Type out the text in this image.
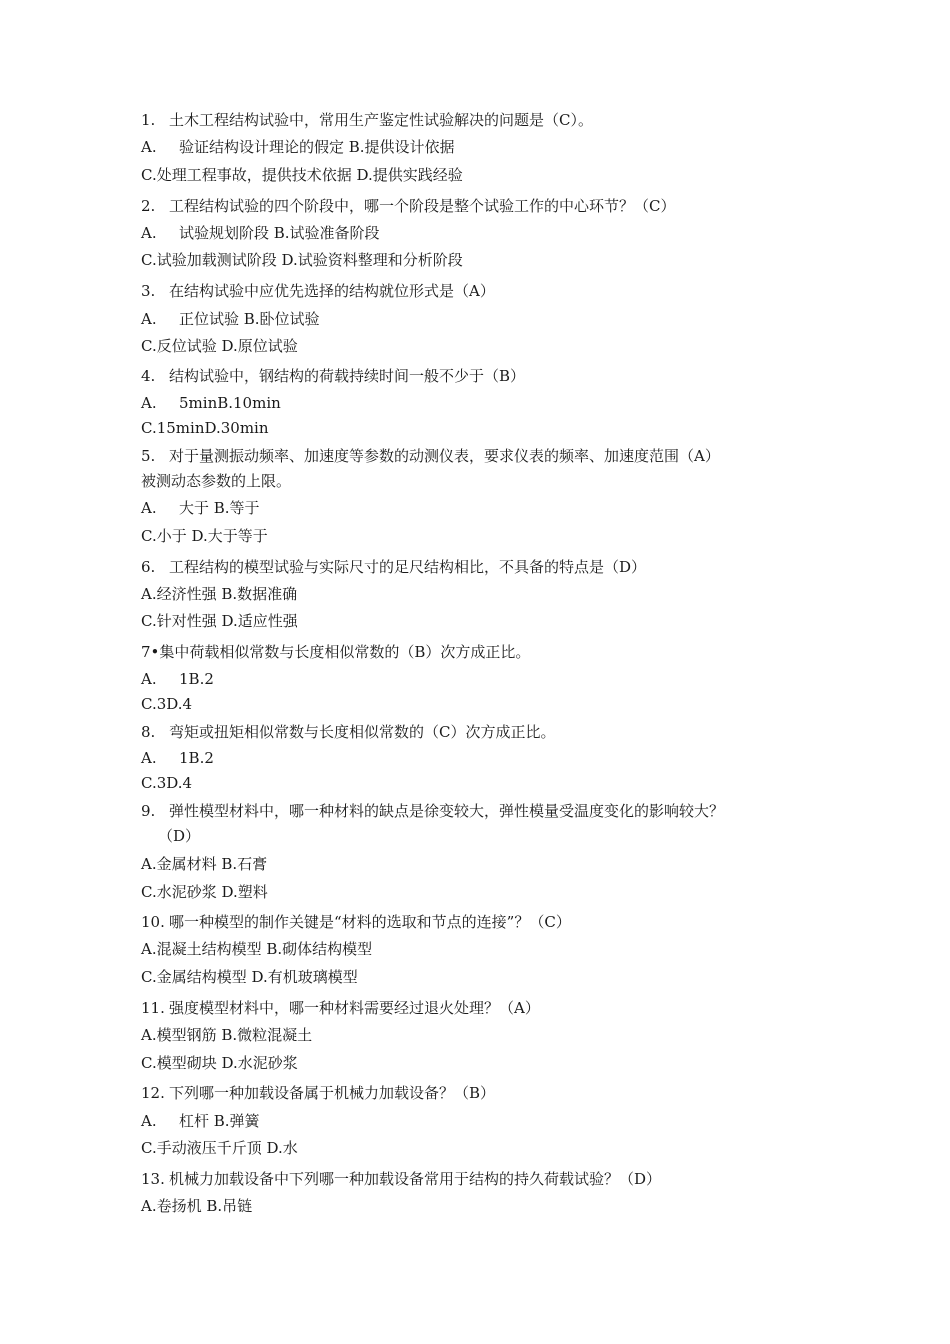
1. 土木工程结构试验中，常用生产鉴定性试验解决的问题是（C）。
A. 验证结构设计理论的假定 B.提供设计依据
C.处理工程事故，提供技术依据 D.提供实践经验
2. 工程结构试验的四个阶段中，哪一个阶段是整个试验工作的中心环节？（C）
A. 试验规划阶段 B.试验准备阶段
C.试验加载测试阶段 D.试验资料整理和分析阶段
3. 在结构试验中应优先选择的结构就位形式是（A）
A. 正位试验 B.卧位试验
C.反位试验 D.原位试验
4. 结构试验中，钢结构的荷载持续时间一般不少于（B）
A. 5minB.10min
C.15minD.30min
5. 对于量测振动频率、加速度等参数的动测仪表，要求仪表的频率、加速度范围（A）
被测动态参数的上限。
A. 大于 B.等于
C.小于 D.大于等于
6. 工程结构的模型试验与实际尺寸的足尺结构相比，不具备的特点是（D）
A.经济性强 B.数据准确
C.针对性强 D.适应性强
7•集中荷载相似常数与长度相似常数的（B）次方成正比。
A. 1B.2
C.3D.4
8. 弯矩或扭矩相似常数与长度相似常数的（C）次方成正比。
A. 1B.2
C.3D.4
9. 弹性模型材料中，哪一种材料的缺点是徐变较大，弹性模量受温度变化的影响较大？
（D）
A.金属材料 B.石膏
C.水泥砂浆 D.塑料
10. 哪一种模型的制作关键是“材料的选取和节点的连接”？（C）
A.混凝土结构模型 B.砌体结构模型
C.金属结构模型 D.有机玻璃模型
11. 强度模型材料中，哪一种材料需要经过退火处理？（A）
A.模型钢筋 B.微粒混凝土
C.模型砌块 D.水泥砂浆
12. 下列哪一种加载设备属于机械力加载设备？（B）
A. 杠杆 B.弹簧
C.手动液压千斤顶 D.水
13. 机械力加载设备中下列哪一种加载设备常用于结构的持久荷载试验？（D）
A.卷扬机 B.吊链
